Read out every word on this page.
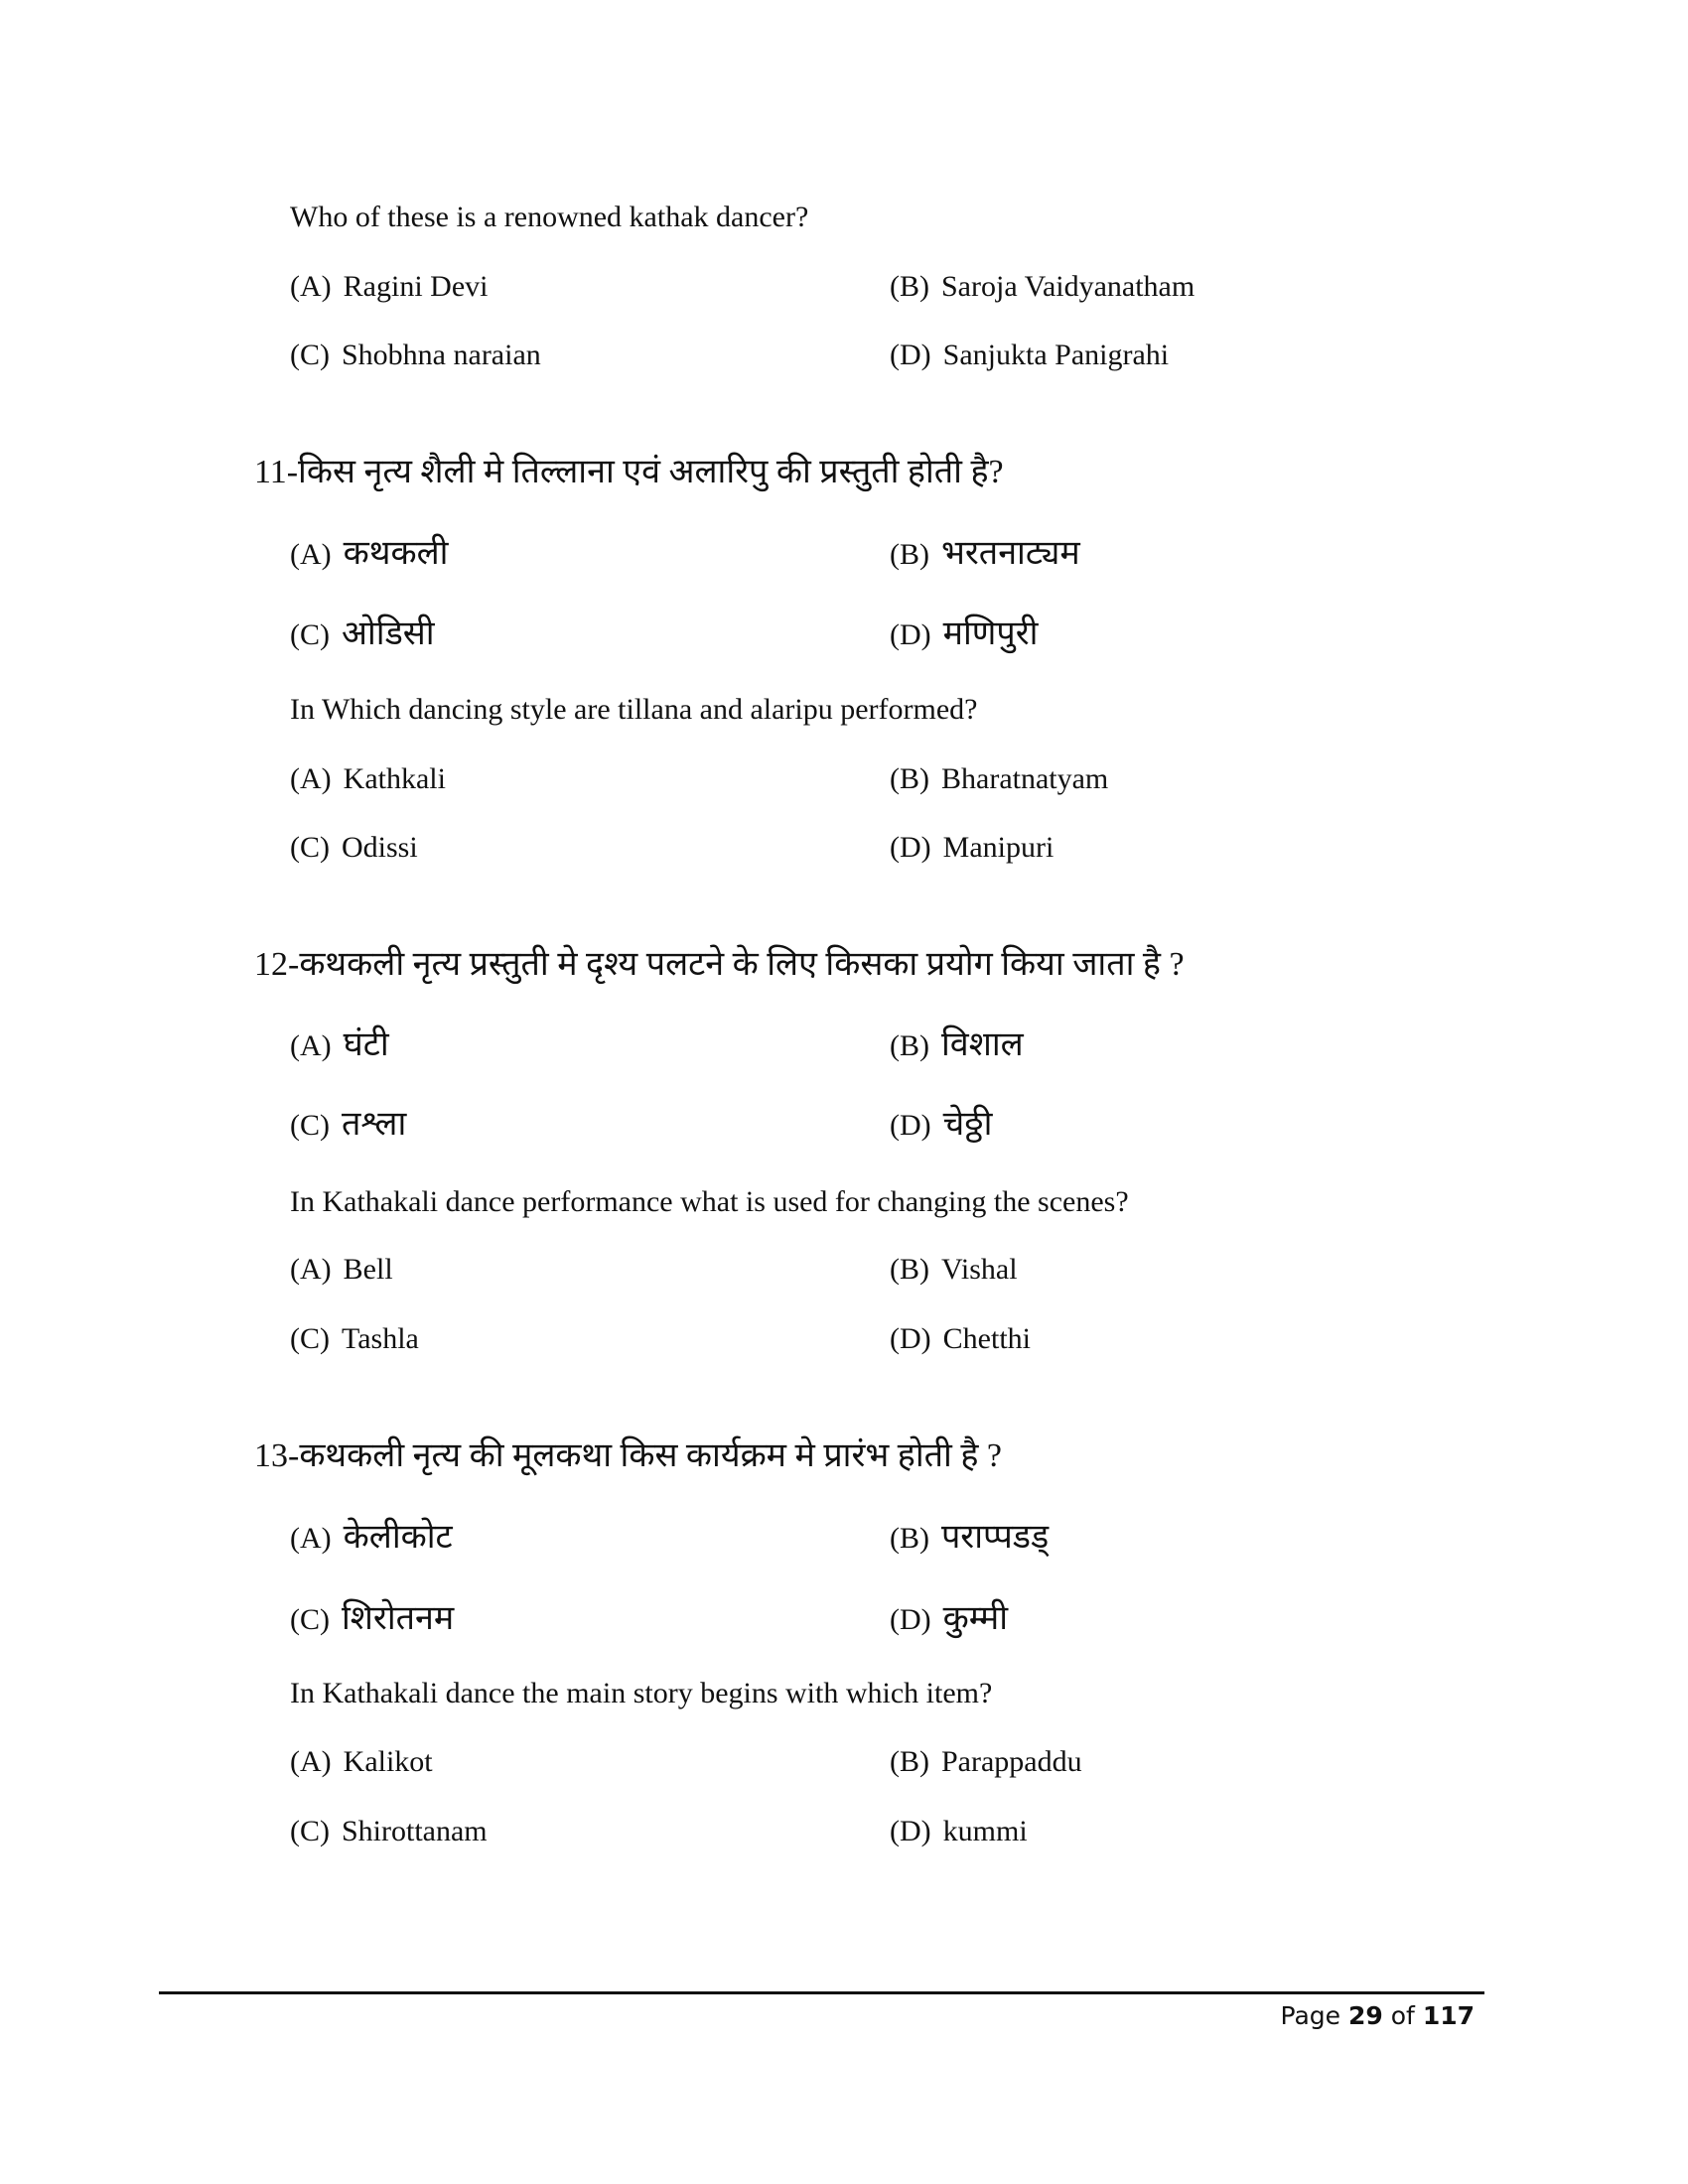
Who of these is a renowned kathak dancer?
(A) Ragini Devi	(B) Saroja Vaidyanatham
(C) Shobhna naraian	(D) Sanjukta Panigrahi
11-किस नृत्य शैली मे तिल्लाना एवं अलारिपु की प्रस्तुती होती है?
(A) कथकली	(B) भरतनाट्यम
(C) ओडिसी	(D) मणिपुरी
In Which dancing style are tillana and alaripu performed?
(A) Kathkali	(B) Bharatnatyam
(C) Odissi	(D) Manipuri
12-कथकली नृत्य प्रस्तुती मे दृश्य पलटने के लिए किसका प्रयोग किया जाता है ?
(A) घंटी	(B) विशाल
(C) तश्ला	(D) चेठ्ठी
In Kathakali dance performance what is used for changing the scenes?
(A) Bell	(B) Vishal
(C) Tashla	(D) Chetthi
13-कथकली नृत्य की मूलकथा किस कार्यक्रम मे प्रारंभ होती है ?
(A) केलीकोट	(B) पराप्पडड्
(C) शिरोतनम	(D) कुम्मी
In Kathakali dance the main story begins with which item?
(A) Kalikot	(B) Parappaddu
(C) Shirottanam	(D) kummi
Page 29 of 117
